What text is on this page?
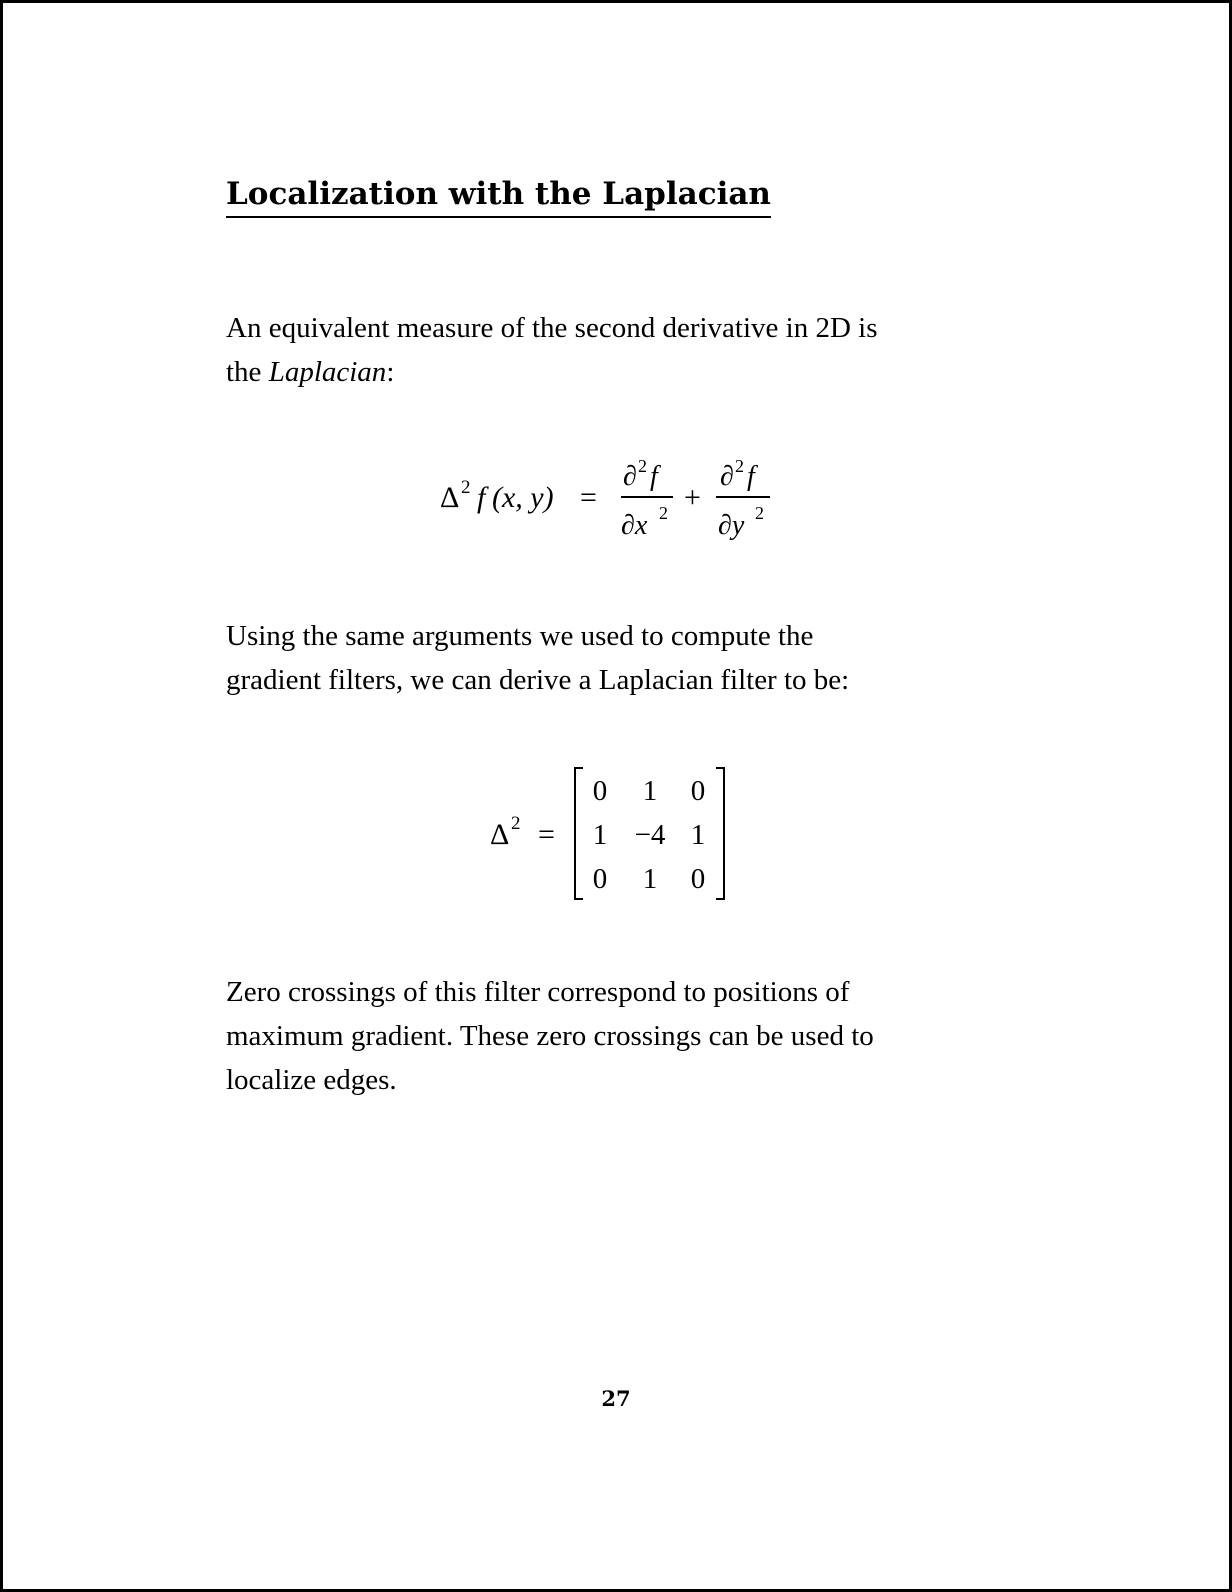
Localization with the Laplacian

An equivalent measure of the second derivative in 2D is
the Laplacian:

Δ 2 f (x, y) =
∂ 2 f
∂x 2 +
∂ 2 f
∂y 2

Using the same arguments we used to compute the
gradient filters, we can derive a Laplacian filter to be:

Δ 2 =
0 1 0
1 −4 1
0 1 0

Zero crossings of this filter correspond to positions of
maximum gradient. These zero crossings can be used to
localize edges.

27
